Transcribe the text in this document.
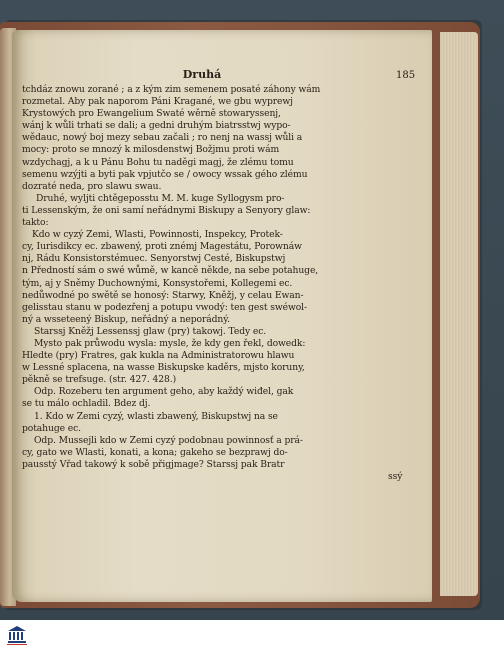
Druhá	185
tchdáz znowu zorané ; a z kým zim semenem posaté záhony wám
rozmetal. Aby pak naporom Páni Kragané, we gbu wyprewj
Krystowých pro Ewangelium Swaté wěrně stowaryssenj,
wánj k wůli trhati se dali; a gedni druhým biatrsstwj wypo-
wědauc, nowý boj mezy sebau začali ; ro nenj na wassj wůli a
mocy: proto se mnozý k milosdenstwj Božjmu proti wám
wzdychagj, a k u Pánu Bohu tu naděgi magj, že zlému tomu
semenu wzýjti a byti pak vpjutčo se / owocy wssak gého zlému
dozraté neda, pro slawu swau.
Druhé, wyljti chtěgeposstu M. M. kuge Syllogysm pro-
ti Lessenským, že oni samí neřádnymi Biskupy a Senyory glaw:
takto:
Kdo w cyzý Zemi, Wlasti, Powinnosti, Inspekcy, Protek-
cy, Iurisdikcy ec. zbawený, proti znémj Magestátu, Porownáw
nj, Rádu Konsistorstémuec. Senyorstwj Cesté, Biskupstwj
n Předností sám o swé wůmě, w kancě někde, na sebe potahuge,
tým, aj y Sněmy Duchownými, Konsystořemi, Kollegemi ec.
nedůwodné po swětě se honosý: Starwy, Kněžj, y celau Ewan-
gelisstau stanu w podezřenj a potupu vwodý: ten gest swéwol-
ný a wsseteený Biskup, neřádný a neporádný.
Starssj Kněžj Lessenssj glaw (pry) takowj. Tedy ec.
Mysto pak průwodu wysla: mysle, že kdy gen řekl, dowedk:
Hledte (pry) Fratres, gak kukla na Administratorowu hlawu
w Lessné splacena, na wasse Biskupske kaděrs, mjsto koruny,
pěkně se trefsuge. (str. 427. 428.)
Odp. Rozeberu ten argument geho, aby každý wiđel, gak
se tu málo ochladil. Bdez dj.
1. Kdo w Zemi cyzý, wlasti zbawený, Biskupstwj na se
potahuge ec.
Odp. Mussejli kdo w Zemi cyzý podobnau powinnosť a prá-
cy, gato we Wlasti, konati, a kona; gakeho se bezprawj do-
pausstý Vřad takowý k sobě přigjmage? Starssj pak Bratr
ssý
